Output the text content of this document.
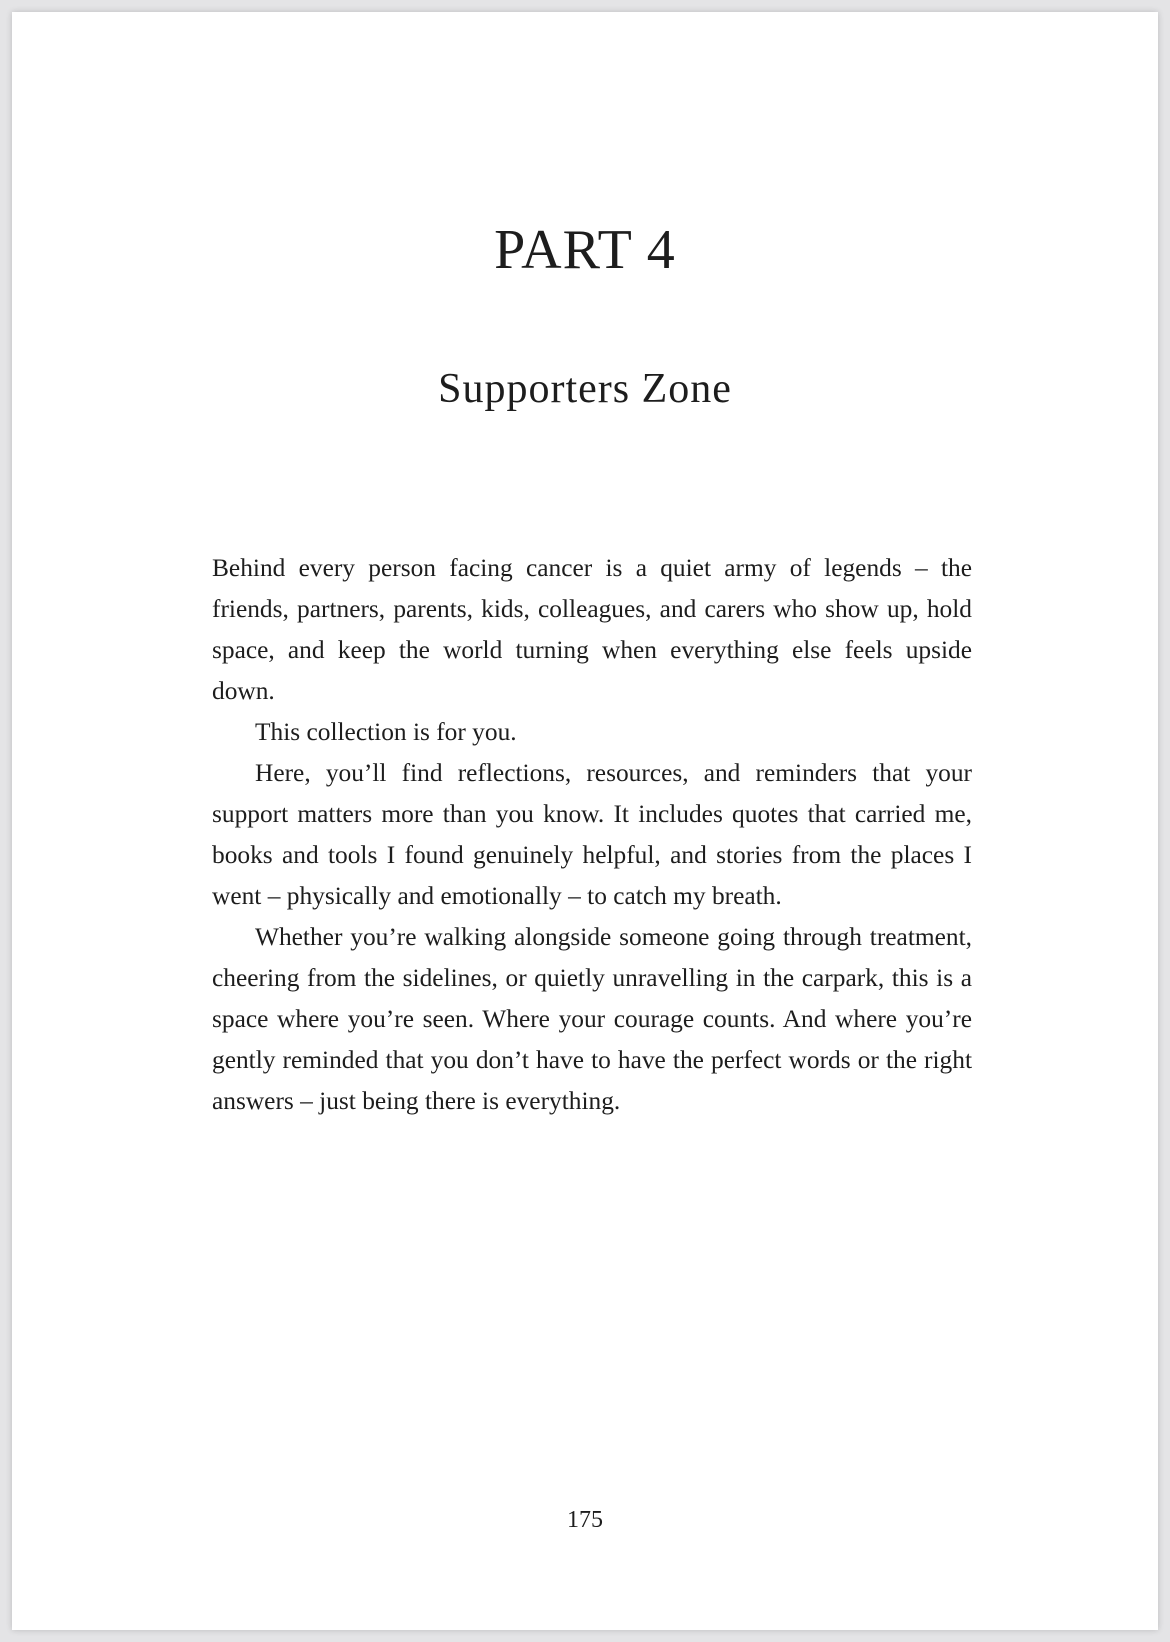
PART 4
Supporters Zone

Behind every person facing cancer is a quiet army of legends – the friends, partners, parents, kids, colleagues, and carers who show up, hold space, and keep the world turning when everything else feels upside down.

This collection is for you.

Here, you’ll find reflections, resources, and reminders that your support matters more than you know. It includes quotes that carried me, books and tools I found genuinely helpful, and stories from the places I went – physically and emotionally – to catch my breath.

Whether you’re walking alongside someone going through treatment, cheering from the sidelines, or quietly unravelling in the carpark, this is a space where you’re seen. Where your courage counts. And where you’re gently reminded that you don’t have to have the perfect words or the right answers – just being there is everything.

175
